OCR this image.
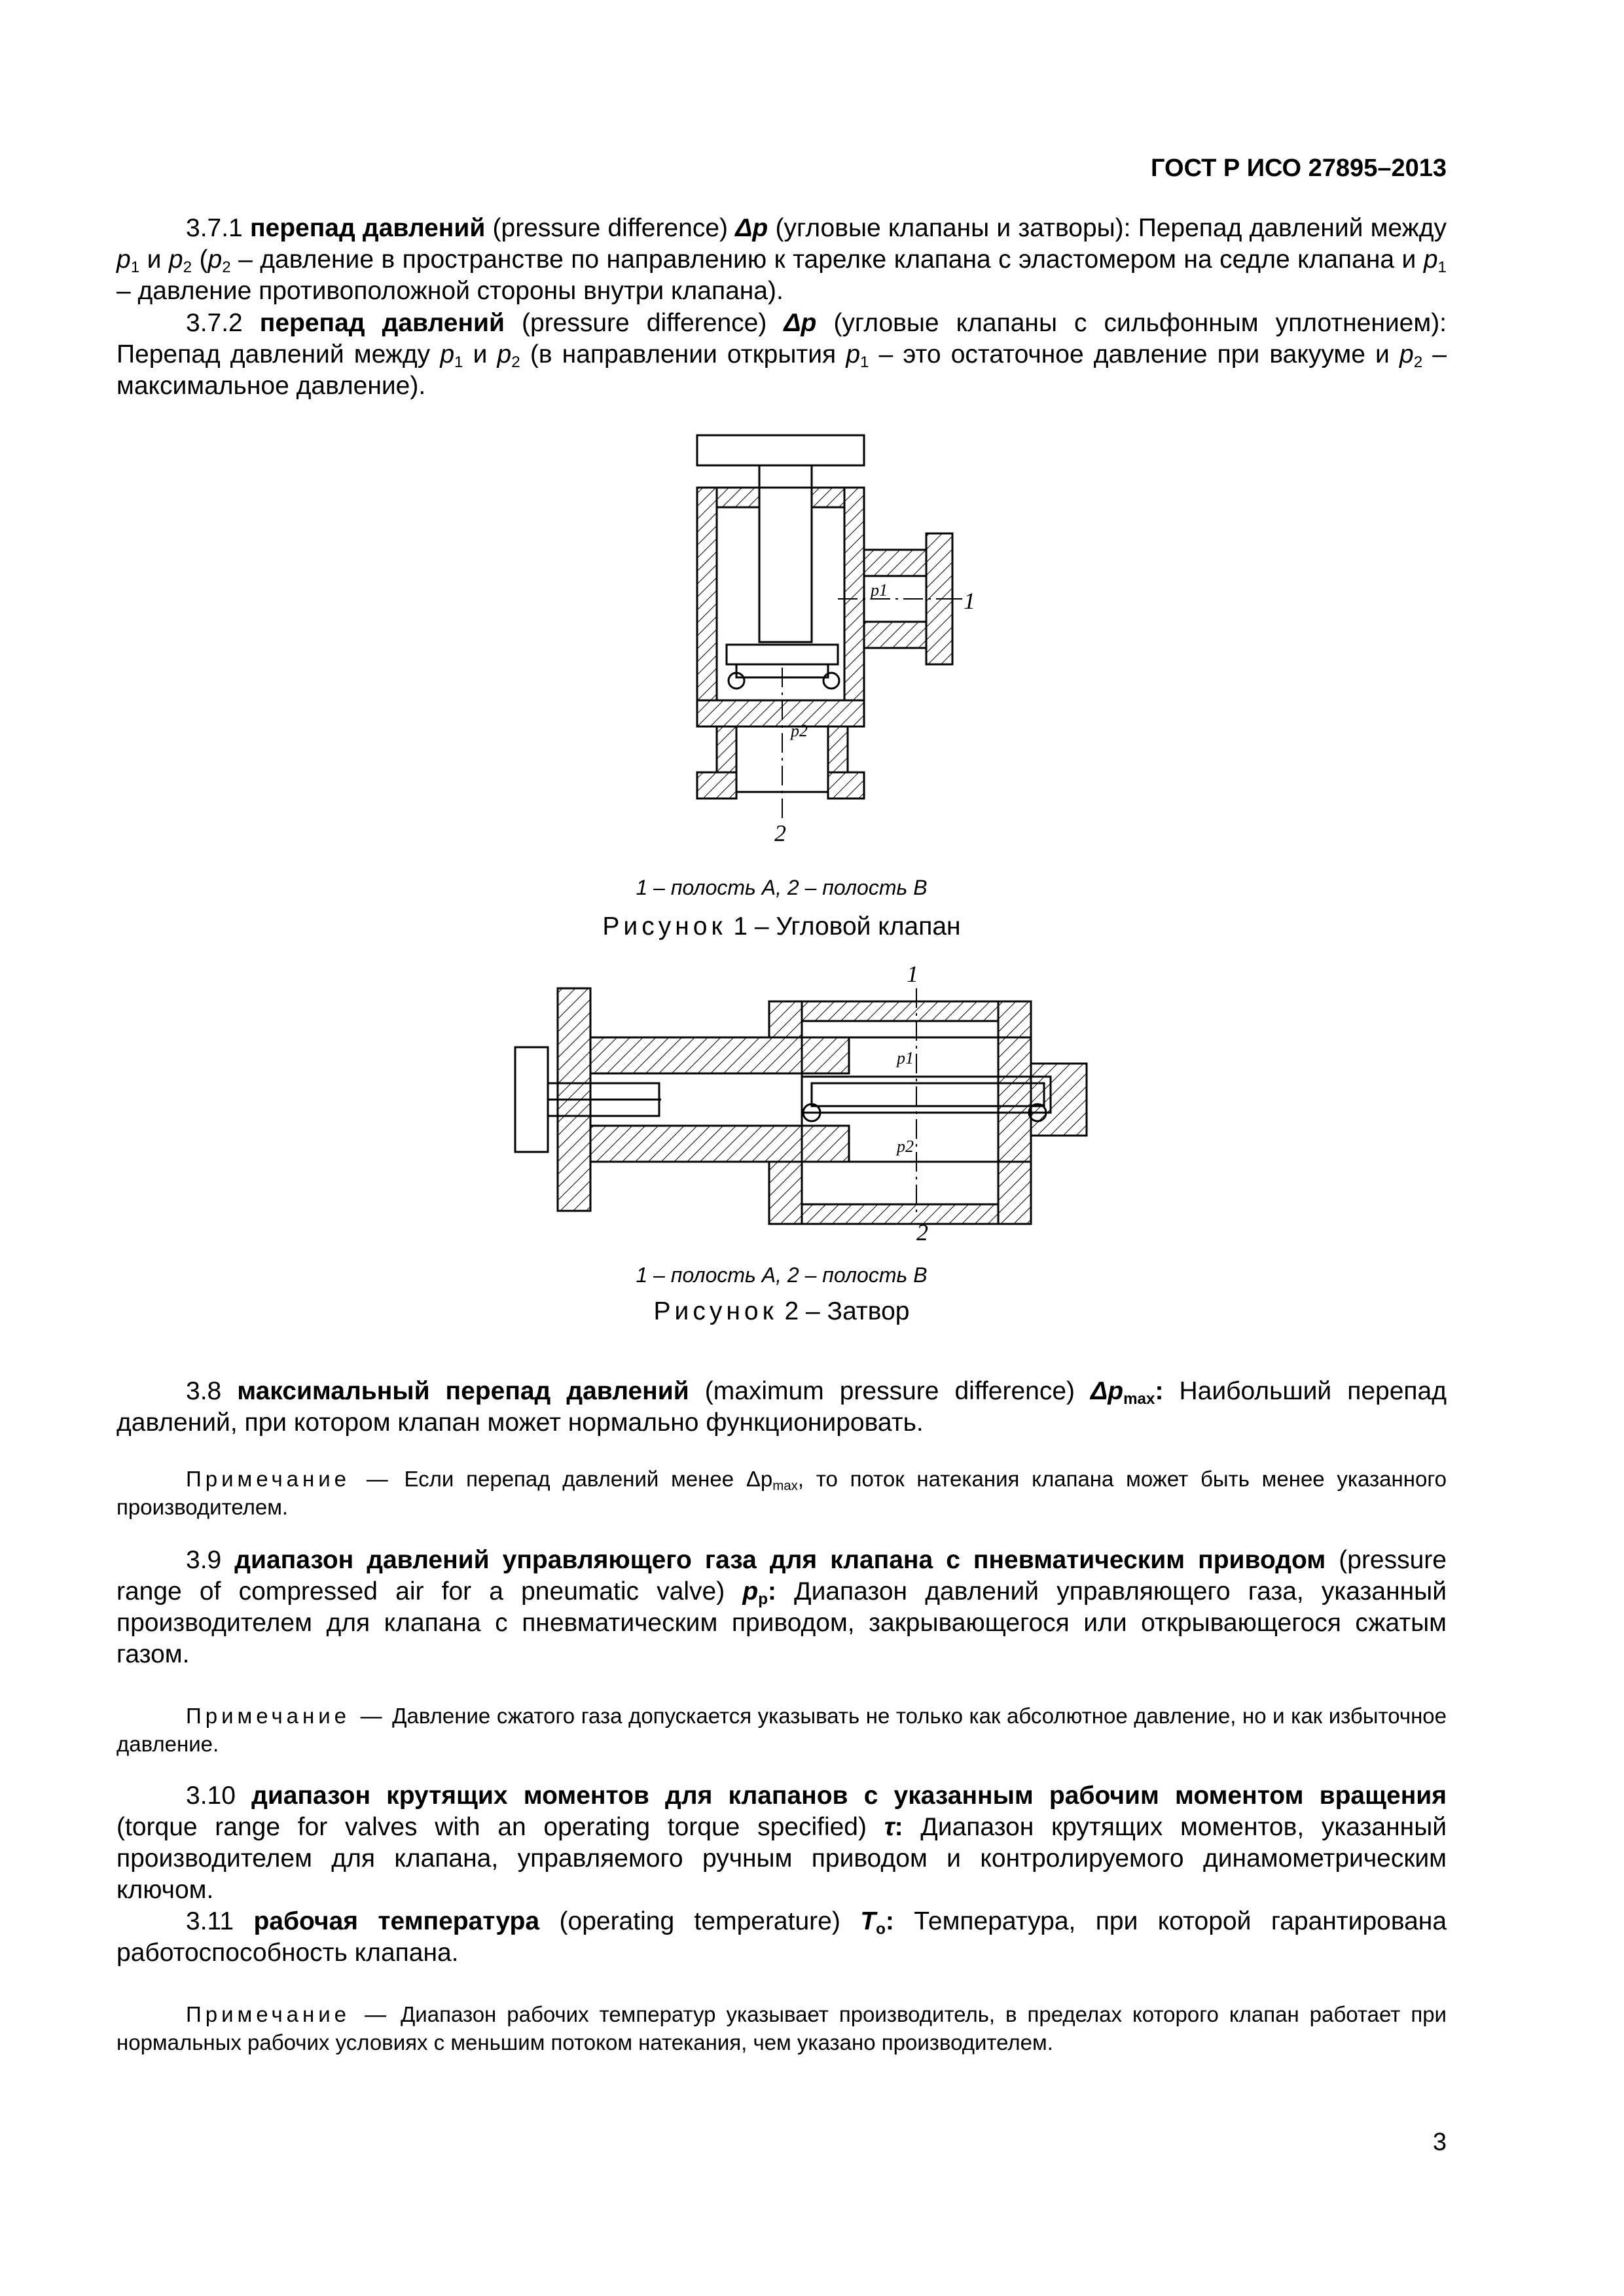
ГОСТ Р ИСО 27895–2013

3.7.1 перепад давлений (pressure difference) Δp (угловые клапаны и затворы): Перепад давлений между $p_1$ и $p_2$ ($p_2$ – давление в пространстве по направлению к тарелке клапана с эластомером на седле клапана и $p_1$ – давление противоположной стороны внутри клапана).

3.7.2 перепад давлений (pressure difference) Δp (угловые клапаны с сильфонным уплотнением): Перепад давлений между $p_1$ и $p_2$ (в направлении открытия $p_1$ – это остаточное давление при вакууме и $p_2$ – максимальное давление).

p1
p2
1
2
1 – полость А, 2 – полость В
Рисунок 1 – Угловой клапан
p1
p2
1
2
1 – полость А, 2 – полость В
Рисунок 2 – Затвор

3.8 максимальный перепад давлений (maximum pressure difference) $\Delta p_{max}$: Наибольший перепад давлений, при котором клапан может нормально функционировать.

Примечание — Если перепад давлений менее $\Delta p_{max}$, то поток натекания клапана может быть менее указанного производителем.

3.9 диапазон давлений управляющего газа для клапана с пневматическим приводом (pressure range of compressed air for a pneumatic valve) $p_p$: Диапазон давлений управляющего газа, указанный производителем для клапана с пневматическим приводом, закрывающегося или открывающегося сжатым газом.

Примечание — Давление сжатого газа допускается указывать не только как абсолютное давление, но и как избыточное давление.

3.10 диапазон крутящих моментов для клапанов с указанным рабочим моментом вращения (torque range for valves with an operating torque specified) τ: Диапазон крутящих моментов, указанный производителем для клапана, управляемого ручным приводом и контролируемого динамометрическим ключом.

3.11 рабочая температура (operating temperature) $T_o$: Температура, при которой гарантирована работоспособность клапана.

Примечание — Диапазон рабочих температур указывает производитель, в пределах которого клапан работает при нормальных рабочих условиях с меньшим потоком натекания, чем указано производителем.

3
